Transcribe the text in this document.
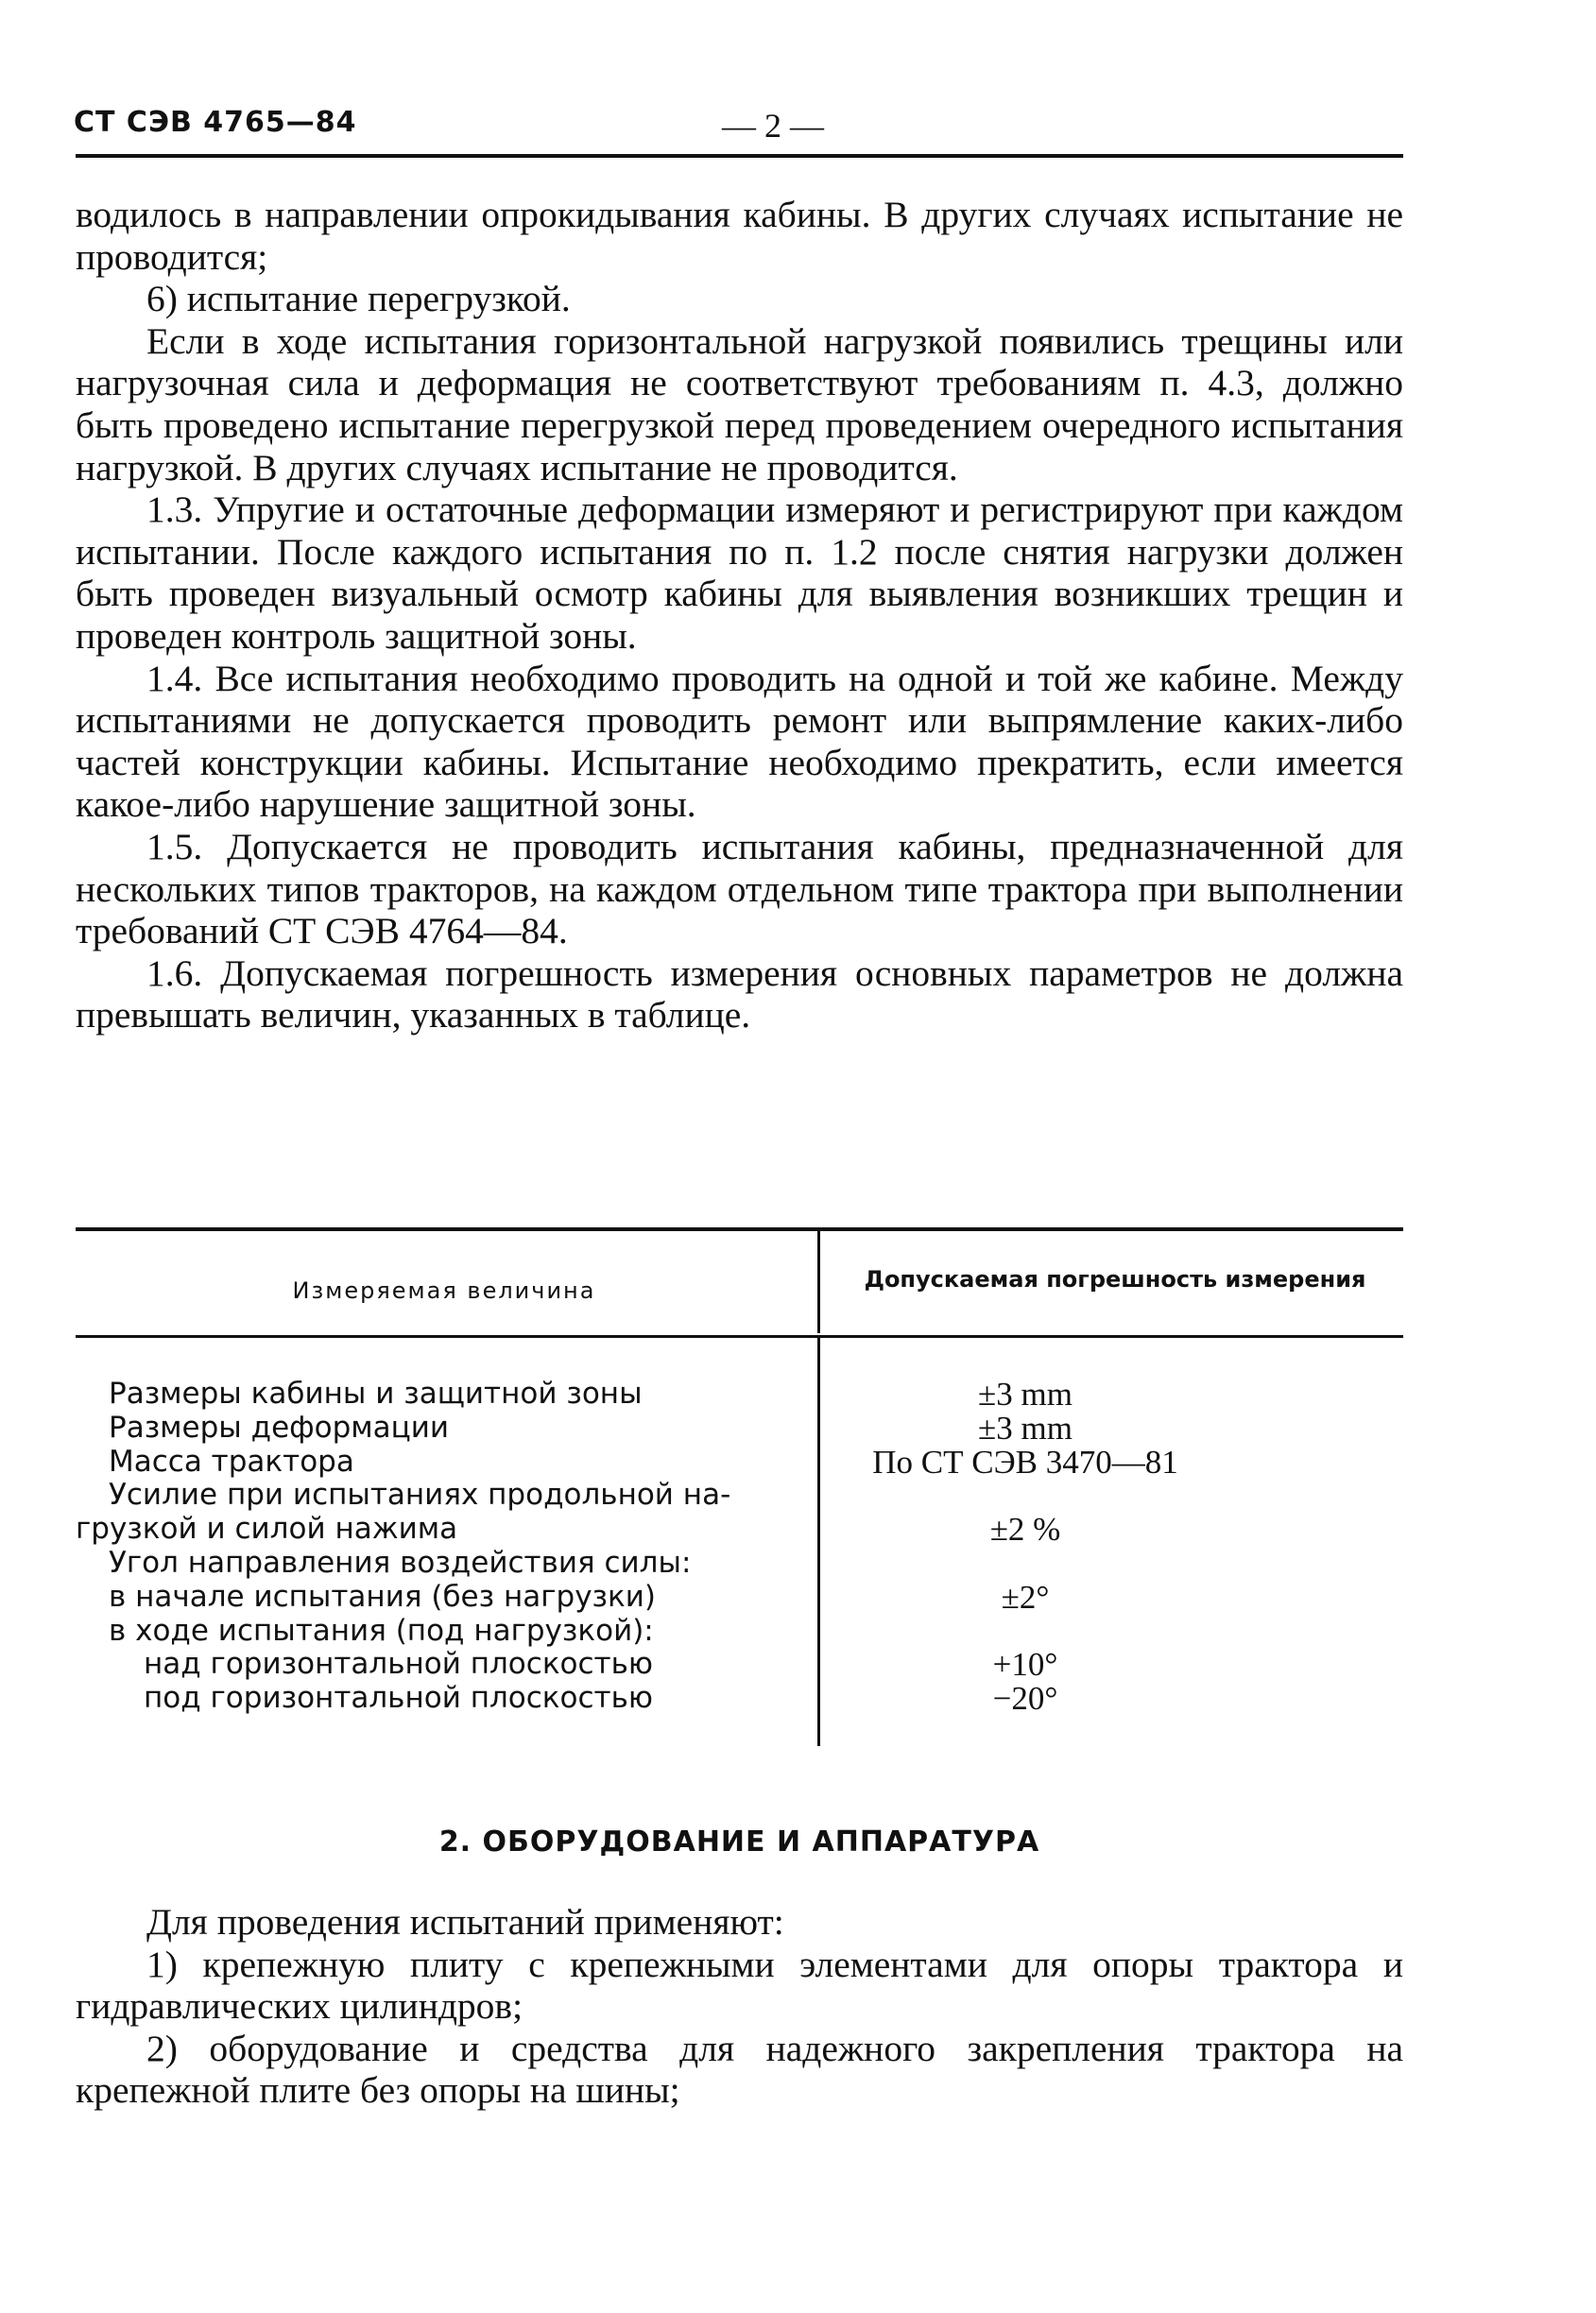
СТ СЭВ 4765—84	— 2 —

водилось в направлении опрокидывания кабины. В других случаях испытание не проводится;

6) испытание перегрузкой.

Если в ходе испытания горизонтальной нагрузкой появились трещины или нагрузочная сила и деформация не соответствуют требованиям п. 4.3, должно быть проведено испытание перегрузкой перед проведением очередного испытания нагрузкой. В других случаях испытание не проводится.

1.3. Упругие и остаточные деформации измеряют и регистрируют при каждом испытании. После каждого испытания по п. 1.2 после снятия нагрузки должен быть проведен визуальный осмотр кабины для выявления возникших трещин и проведен контроль защитной зоны.

1.4. Все испытания необходимо проводить на одной и той же кабине. Между испытаниями не допускается проводить ремонт или выпрямление каких-либо частей конструкции кабины. Испытание необходимо прекратить, если имеется какое-либо нарушение защитной зоны.

1.5. Допускается не проводить испытания кабины, предназначенной для нескольких типов тракторов, на каждом отдельном типе трактора при выполнении требований СТ СЭВ 4764—84.

1.6. Допускаемая погрешность измерения основных параметров не должна превышать величин, указанных в таблице.

Измеряемая величина	Допускаемая погрешность измерения
Размеры кабины и защитной зоны	±3 mm
Размеры деформации	±3 mm
Масса трактора	По СТ СЭВ 3470—81
Усилие при испытаниях продольной на-
грузкой и силой нажима	±2 %
Угол направления воздействия силы:
в начале испытания (без нагрузки)	±2°
в ходе испытания (под нагрузкой):
над горизонтальной плоскостью	+10°
под горизонтальной плоскостью	−20°
2. ОБОРУДОВАНИЕ И АППАРАТУРА

Для проведения испытаний применяют:

1) крепежную плиту с крепежными элементами для опоры трактора и гидравлических цилиндров;

2) оборудование и средства для надежного закрепления трактора на крепежной плите без опоры на шины;
